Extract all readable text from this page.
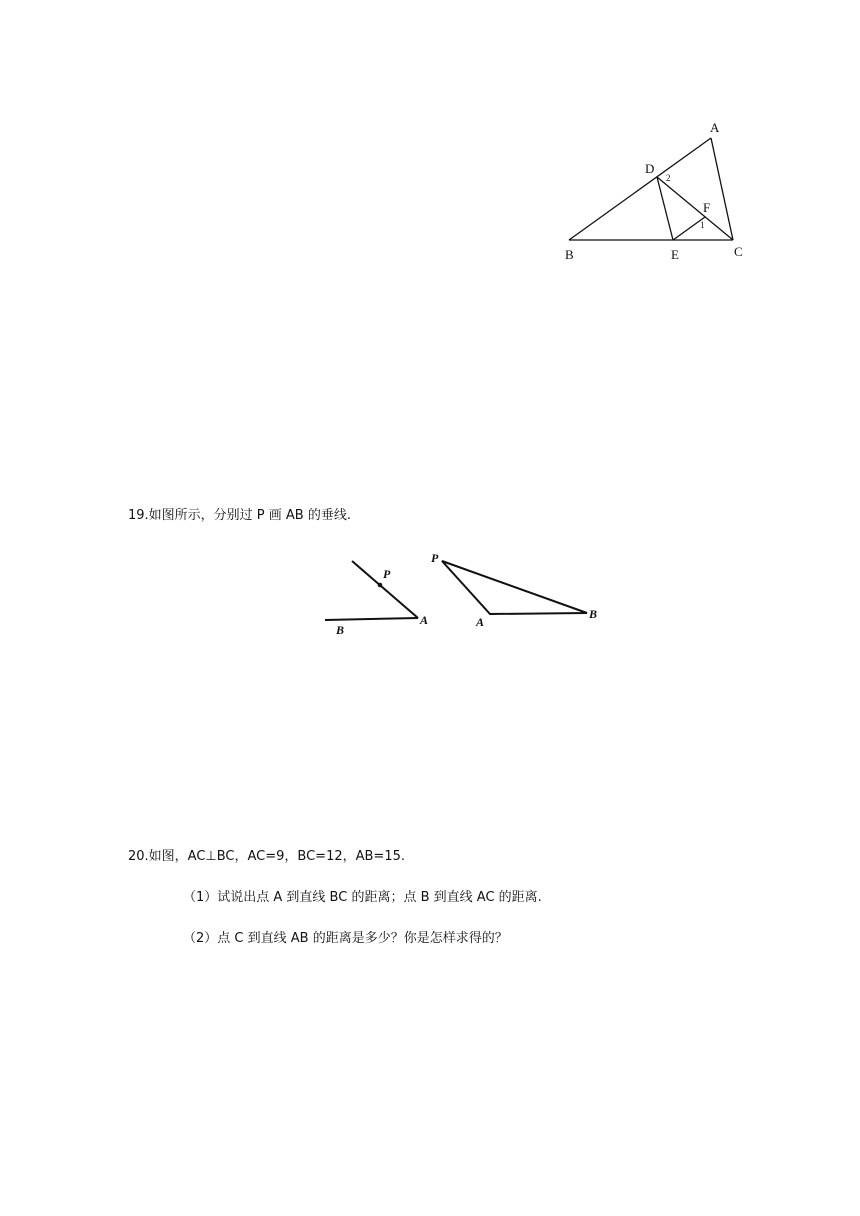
A
D
2
F
1
B	E	C
19.如图所示，分别过 P 画 AB 的垂线.
P
A
B
P
A
B
20.如图，AC⊥BC，AC=9，BC=12，AB=15.
（1）试说出点 A 到直线 BC 的距离；点 B 到直线 AC 的距离.
（2）点 C 到直线 AB 的距离是多少？你是怎样求得的？
